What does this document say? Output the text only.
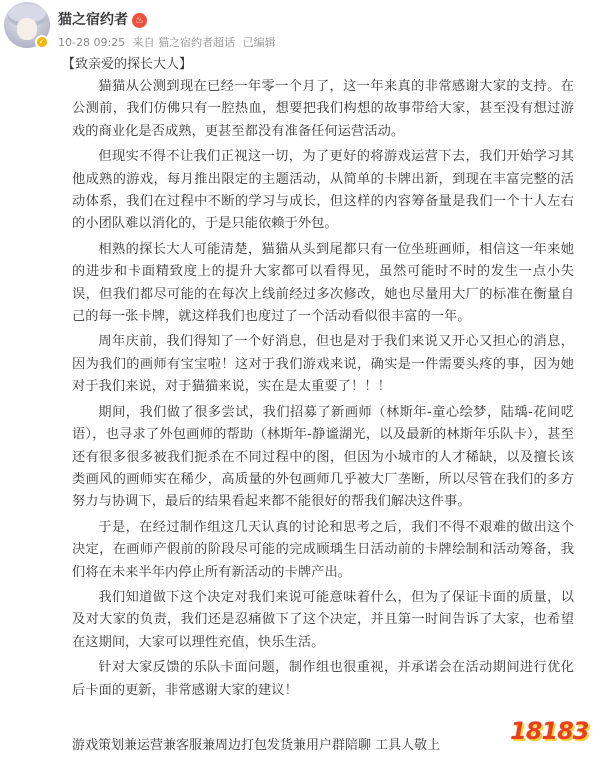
✓
猫之宿约者 ♨
10-28 09:25 来自 猫之宿约者超话 已编辑
【致亲爱的探长大人】

猫猫从公测到现在已经一年零一个月了，这一年来真的非常感谢大家的支持。在公测前，我们仿佛只有一腔热血，想要把我们构想的故事带给大家，甚至没有想过游戏的商业化是否成熟，更甚至都没有准备任何运营活动。

但现实不得不让我们正视这一切，为了更好的将游戏运营下去，我们开始学习其他成熟的游戏，每月推出限定的主题活动，从简单的卡牌出新，到现在丰富完整的活动体系，我们在过程中不断的学习与成长，但这样的内容筹备量是我们一个十人左右的小团队难以消化的，于是只能依赖于外包。

相熟的探长大人可能清楚，猫猫从头到尾都只有一位坐班画师，相信这一年来她的进步和卡面精致度上的提升大家都可以看得见，虽然可能时不时的发生一点小失误，但我们都尽可能的在每次上线前经过多次修改，她也尽量用大厂的标准在衡量自己的每一张卡牌，就这样我们也度过了一个活动看似很丰富的一年。

周年庆前，我们得知了一个好消息，但也是对于我们来说又开心又担心的消息，因为我们的画师有宝宝啦！这对于我们游戏来说，确实是一件需要头疼的事，因为她对于我们来说，对于猫猫来说，实在是太重要了！！！

期间，我们做了很多尝试，我们招募了新画师（林斯年-童心绘梦，陆瑀-花间呓语），也寻求了外包画师的帮助（林斯年-静谧湖光，以及最新的林斯年乐队卡），甚至还有很多很多被我们扼杀在不同过程中的图，但因为小城市的人才稀缺，以及擅长该类画风的画师实在稀少，高质量的外包画师几乎被大厂垄断，所以尽管在我们的多方努力与协调下，最后的结果看起来都不能很好的帮我们解决这件事。

于是，在经过制作组这几天认真的讨论和思考之后，我们不得不艰难的做出这个决定，在画师产假前的阶段尽可能的完成顾瑀生日活动前的卡牌绘制和活动筹备，我们将在未来半年内停止所有新活动的卡牌产出。

我们知道做下这个决定对我们来说可能意味着什么，但为了保证卡面的质量，以及对大家的负责，我们还是忍痛做下了这个决定，并且第一时间告诉了大家，也希望在这期间，大家可以理性充值，快乐生活。

针对大家反馈的乐队卡面问题，制作组也很重视，并承诺会在活动期间进行优化后卡面的更新，非常感谢大家的建议！

游戏策划兼运营兼客服兼周边打包发货兼用户群陪聊 工具人敬上
18183
